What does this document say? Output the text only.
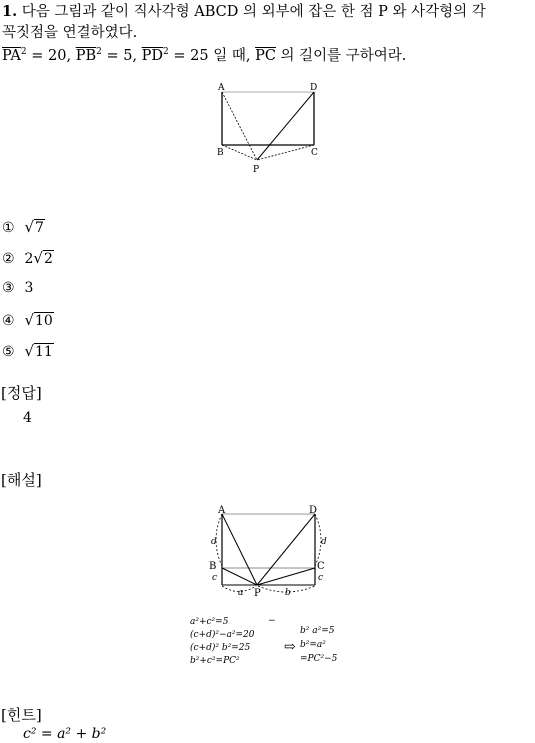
1. 다음 그림과 같이 직사각형 ABCD 의 외부에 잡은 한 점 P 와 사각형의 각
꼭짓점을 연결하였다.
$\overline{PA}^2 = 20$, $\overline{PB}^2 = 5$, $\overline{PD}^2 = 25$ 일 때, $\overline{PC}$ 의 길이를 구하여라.
A	D
B	C
P
① √7
② 2√2
③ 3
④ √10
⑤ √11
[정답]
4
[해설]
A	D
B	C
P
d	d
c	c
a	b
a²+c²=5
(c+d)²−a²=20
(c+d)² b²=25
b²+c²=PC²
−
⇨
b² a²=5
b²=a²
=PC²−5
[힌트]
c² = a² + b²
